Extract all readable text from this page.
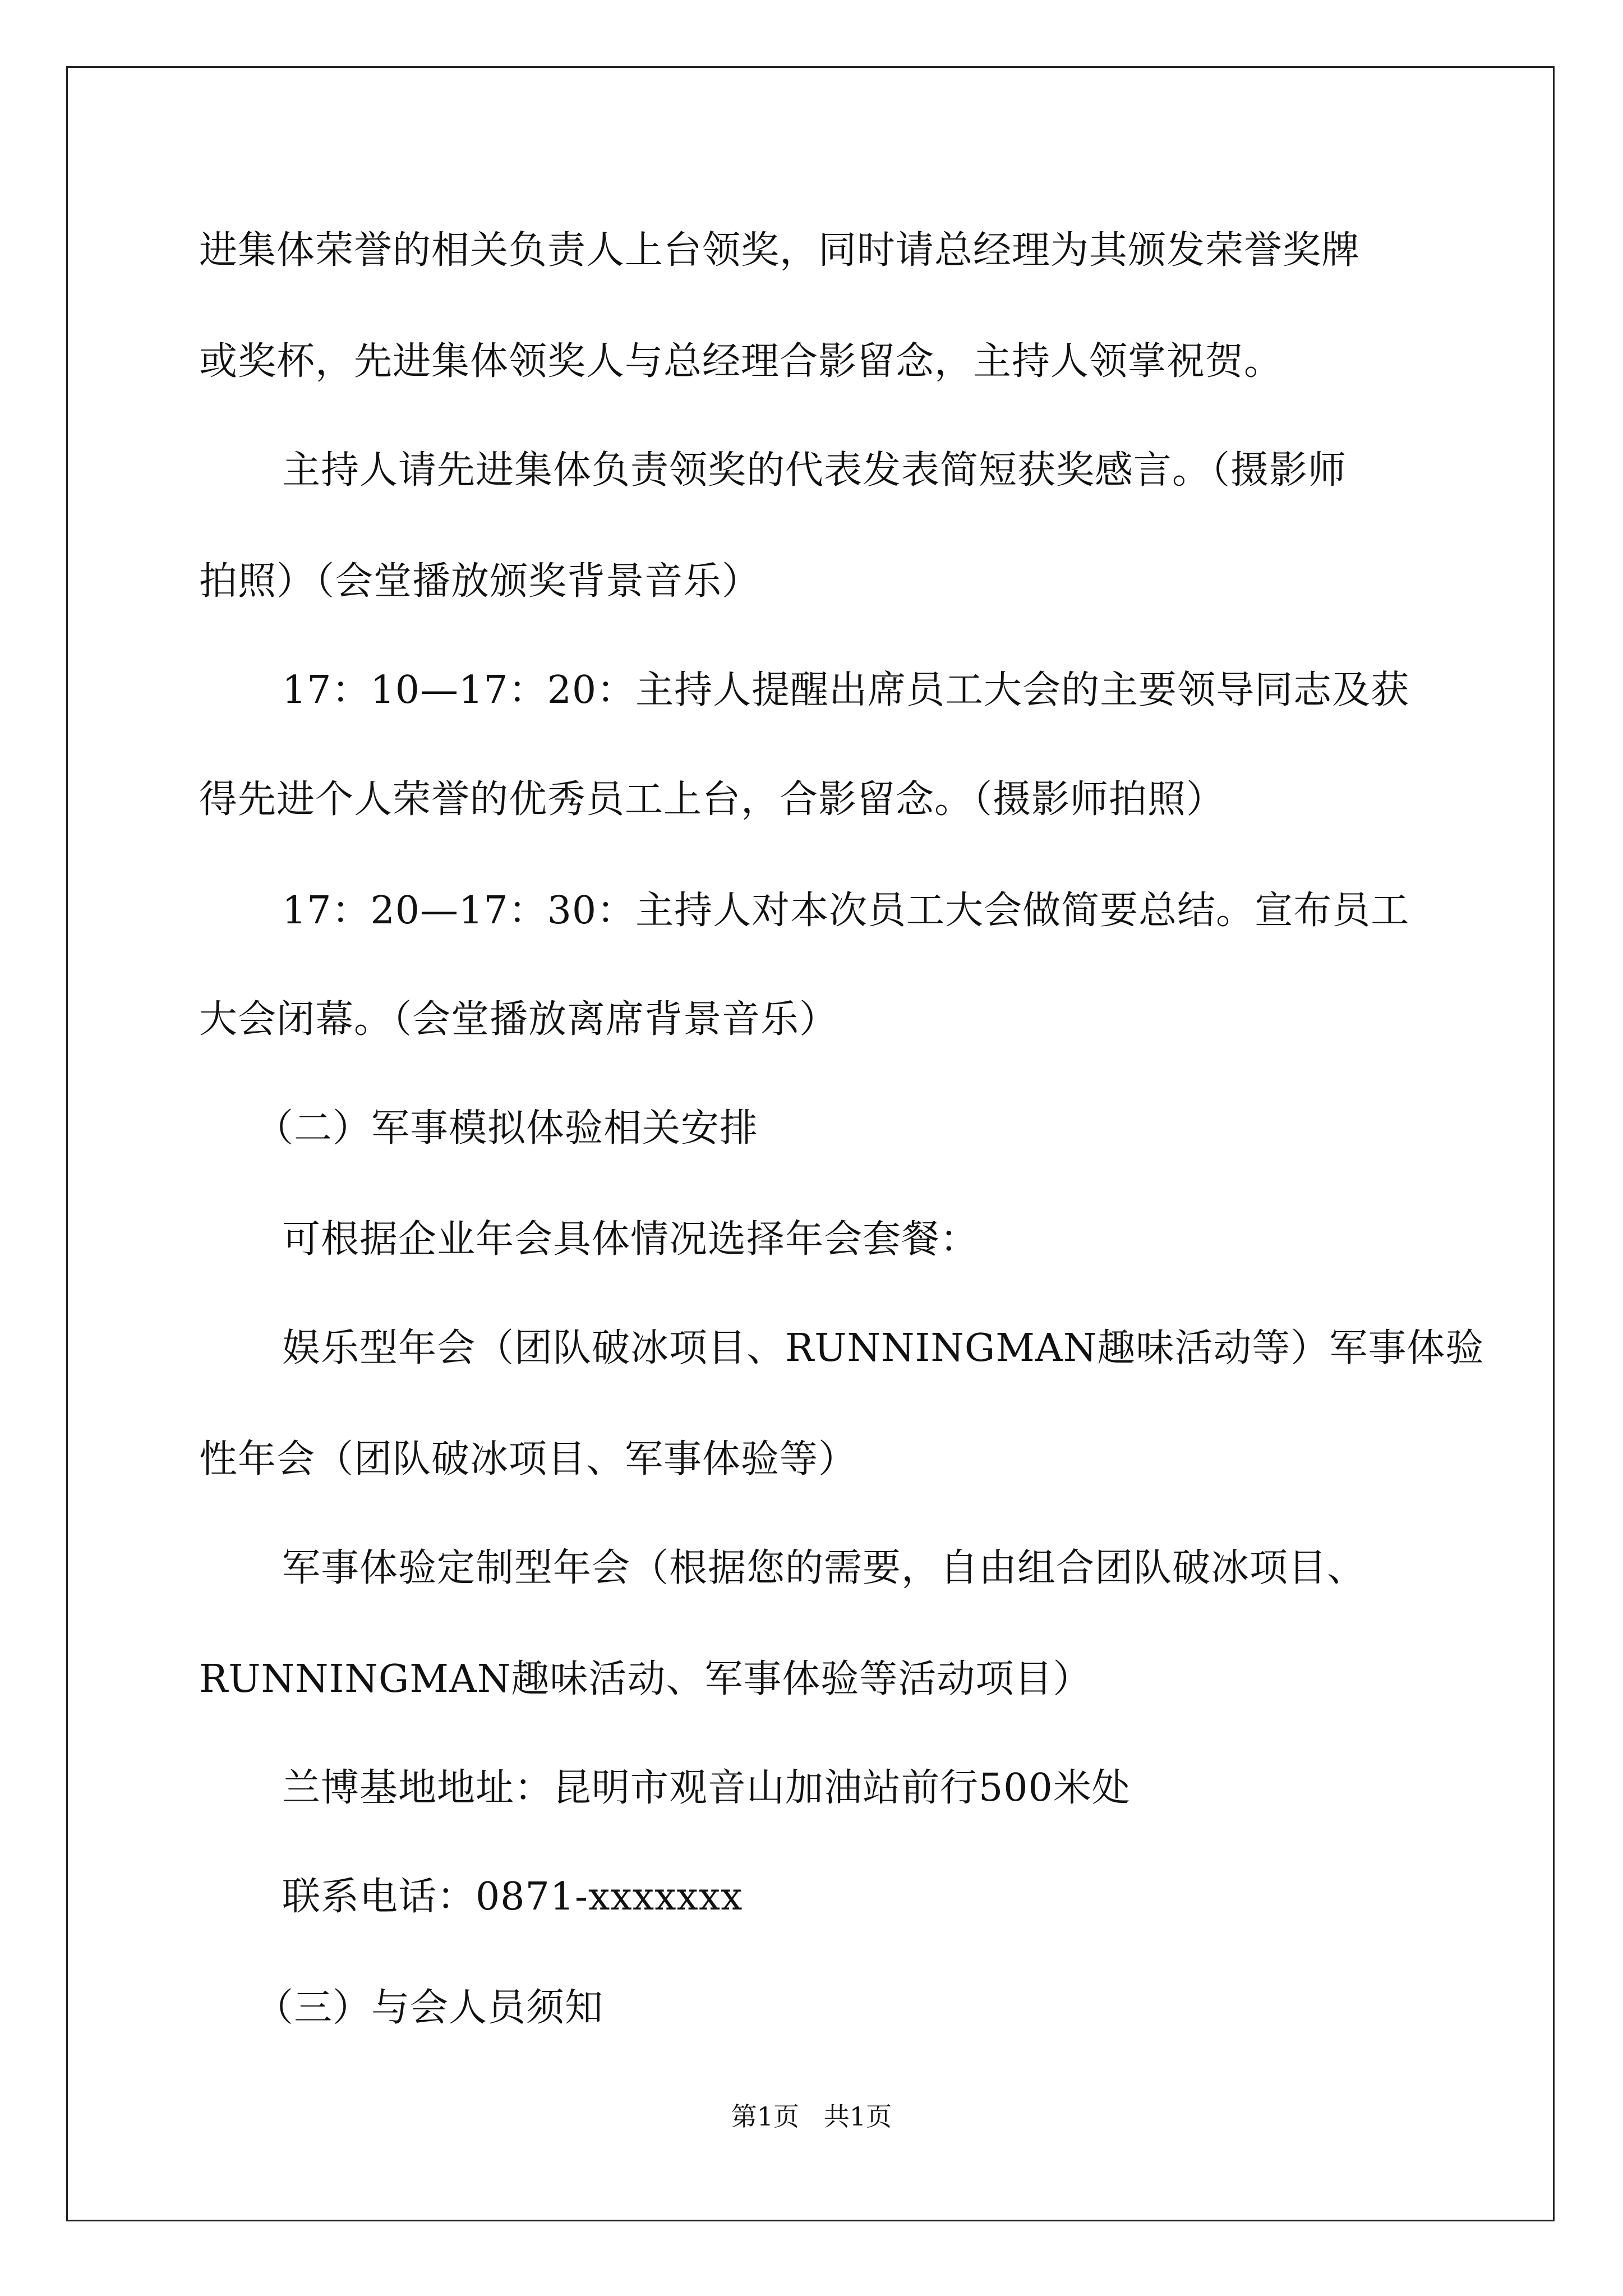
进集体荣誉的相关负责人上台领奖，同时请总经理为其颁发荣誉奖牌
或奖杯，先进集体领奖人与总经理合影留念，主持人领掌祝贺。
主持人请先进集体负责领奖的代表发表简短获奖感言。（摄影师
拍照）（会堂播放颁奖背景音乐）
17：10—17：20：主持人提醒出席员工大会的主要领导同志及获
得先进个人荣誉的优秀员工上台，合影留念。（摄影师拍照）
17：20—17：30：主持人对本次员工大会做简要总结。宣布员工
大会闭幕。（会堂播放离席背景音乐）
（二）军事模拟体验相关安排
可根据企业年会具体情况选择年会套餐：
娱乐型年会（团队破冰项目、RUNNINGMAN趣味活动等）军事体验
性年会（团队破冰项目、军事体验等）
军事体验定制型年会（根据您的需要，自由组合团队破冰项目、
RUNNINGMAN趣味活动、军事体验等活动项目）
兰博基地地址：昆明市观音山加油站前行500米处
联系电话：0871-xxxxxxx
（三）与会人员须知
第1页   共1页
